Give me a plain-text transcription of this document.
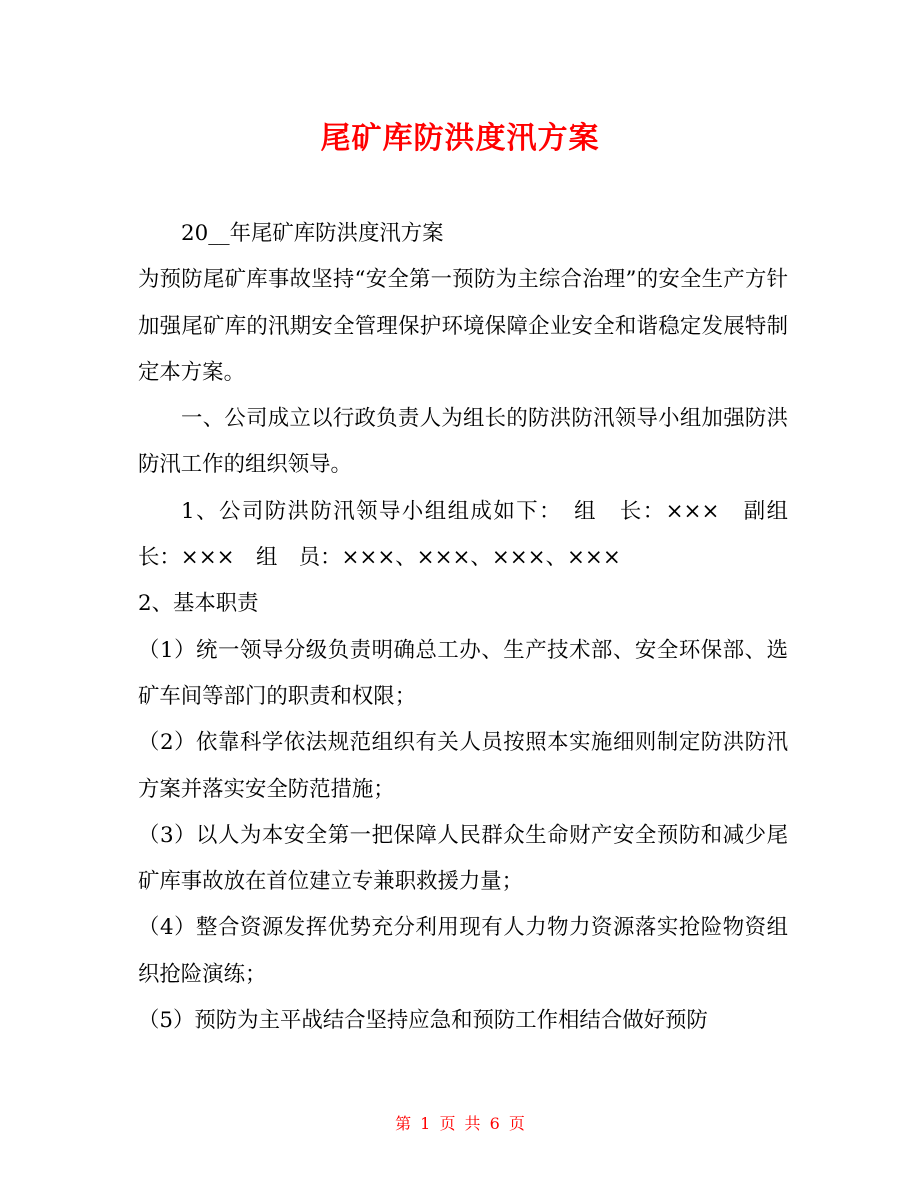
尾矿库防洪度汛方案

20__年尾矿库防洪度汛方案

为预防尾矿库事故坚持“安全第一预防为主综合治理”的安全生产方针加强尾矿库的汛期安全管理保护环境保障企业安全和谐稳定发展特制定本方案。

一、公司成立以行政负责人为组长的防洪防汛领导小组加强防洪防汛工作的组织领导。

1、公司防洪防汛领导小组组成如下：　组　长：×××　副组长：×××　组　员：×××、×××、×××、×××

2、基本职责

（1）统一领导分级负责明确总工办、生产技术部、安全环保部、选矿车间等部门的职责和权限；

（2）依靠科学依法规范组织有关人员按照本实施细则制定防洪防汛方案并落实安全防范措施；

（3）以人为本安全第一把保障人民群众生命财产安全预防和减少尾矿库事故放在首位建立专兼职救援力量；

（4）整合资源发挥优势充分利用现有人力物力资源落实抢险物资组织抢险演练；

（5）预防为主平战结合坚持应急和预防工作相结合做好预防

第 1 页 共 6 页
